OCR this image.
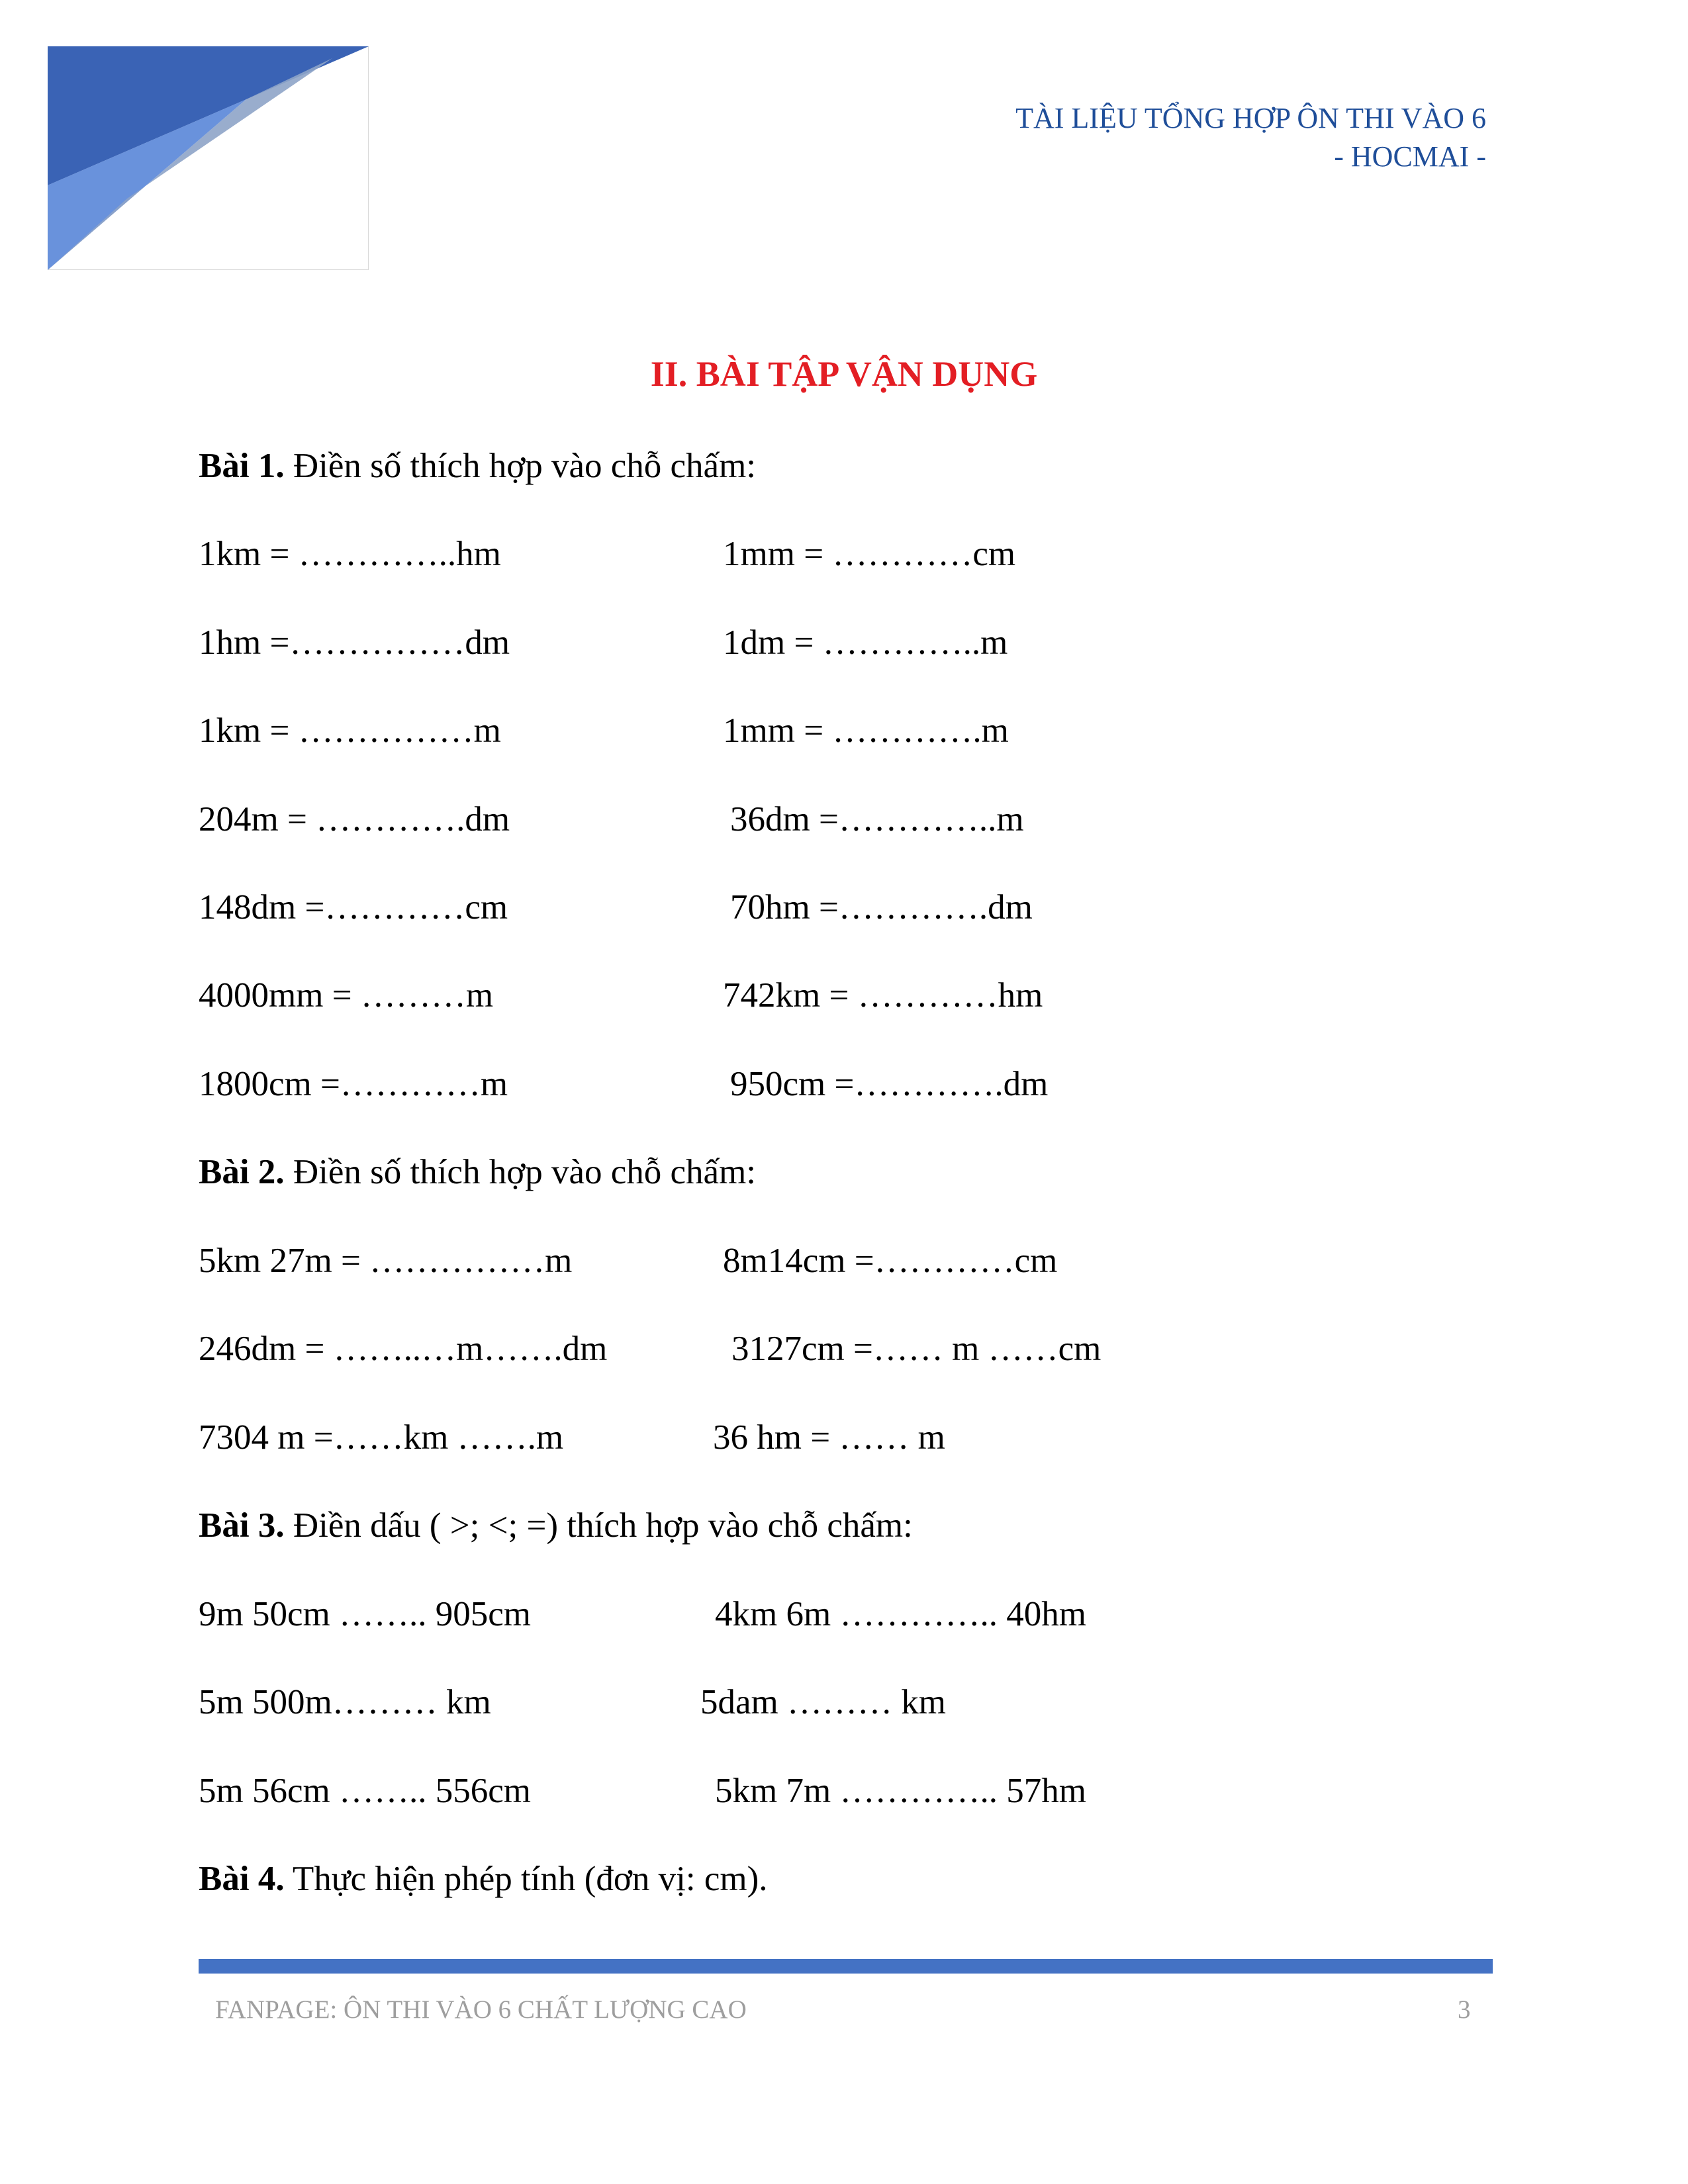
TÀI LIỆU TỔNG HỢP ÔN THI VÀO 6
- HOCMAI -
II. BÀI TẬP VẬN DỤNG
Bài 1. Điền số thích hợp vào chỗ chấm:
1km = …………..hm	1mm = …………cm
1hm =……………dm	1dm = …………..m
1km = ……………m	1mm = ………….m
204m = ………….dm	36dm =…………..m
148dm =…………cm	70hm =………….dm
4000mm = ………m	742km = …………hm
1800cm =…………m	950cm =………….dm
Bài 2. Điền số thích hợp vào chỗ chấm:
5km 27m = ……………m	8m14cm =…………cm
246dm = ……..…m…….dm	3127cm =…… m ……cm
7304 m =……km …….m	36 hm = …… m
Bài 3. Điền dấu ( >; <; =) thích hợp vào chỗ chấm:
9m 50cm …….. 905cm	4km 6m ………….. 40hm
5m 500m……… km	5dam ……… km
5m 56cm …….. 556cm	5km 7m ………….. 57hm
Bài 4. Thực hiện phép tính (đơn vị: cm).
FANPAGE: ÔN THI VÀO 6 CHẤT LƯỢNG CAO	3
